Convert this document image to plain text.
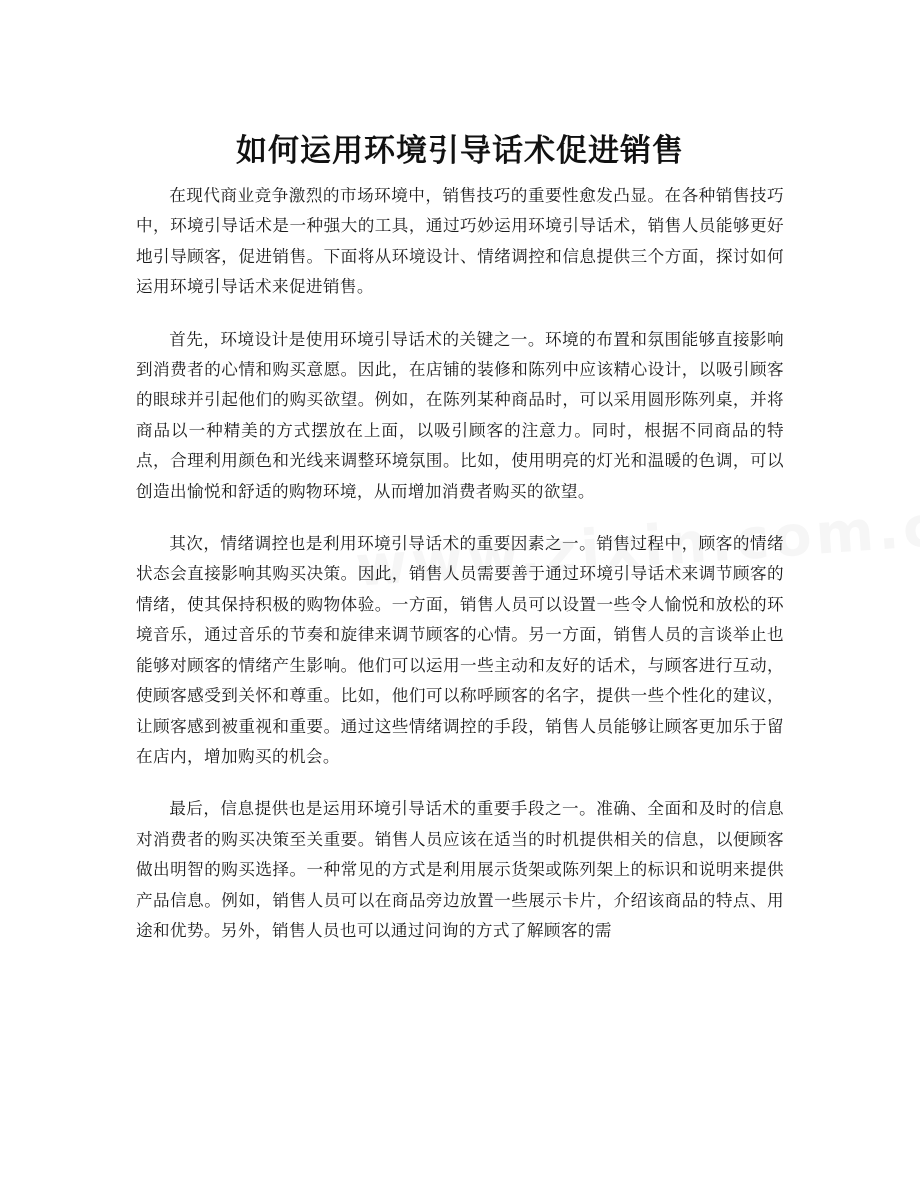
如何运用环境引导话术促进销售

在现代商业竞争激烈的市场环境中，销售技巧的重要性愈发凸显。在各种销售技巧中，环境引导话术是一种强大的工具，通过巧妙运用环境引导话术，销售人员能够更好地引导顾客，促进销售。下面将从环境设计、情绪调控和信息提供三个方面，探讨如何运用环境引导话术来促进销售。

首先，环境设计是使用环境引导话术的关键之一。环境的布置和氛围能够直接影响到消费者的心情和购买意愿。因此，在店铺的装修和陈列中应该精心设计，以吸引顾客的眼球并引起他们的购买欲望。例如，在陈列某种商品时，可以采用圆形陈列桌，并将商品以一种精美的方式摆放在上面，以吸引顾客的注意力。同时，根据不同商品的特点，合理利用颜色和光线来调整环境氛围。比如，使用明亮的灯光和温暖的色调，可以创造出愉悦和舒适的购物环境，从而增加消费者购买的欲望。

其次，情绪调控也是利用环境引导话术的重要因素之一。销售过程中，顾客的情绪状态会直接影响其购买决策。因此，销售人员需要善于通过环境引导话术来调节顾客的情绪，使其保持积极的购物体验。一方面，销售人员可以设置一些令人愉悦和放松的环境音乐，通过音乐的节奏和旋律来调节顾客的心情。另一方面，销售人员的言谈举止也能够对顾客的情绪产生影响。他们可以运用一些主动和友好的话术，与顾客进行互动，使顾客感受到关怀和尊重。比如，他们可以称呼顾客的名字，提供一些个性化的建议，让顾客感到被重视和重要。通过这些情绪调控的手段，销售人员能够让顾客更加乐于留在店内，增加购买的机会。

最后，信息提供也是运用环境引导话术的重要手段之一。准确、全面和及时的信息对消费者的购买决策至关重要。销售人员应该在适当的时机提供相关的信息，以便顾客做出明智的购买选择。一种常见的方式是利用展示货架或陈列架上的标识和说明来提供产品信息。例如，销售人员可以在商品旁边放置一些展示卡片，介绍该商品的特点、用途和优势。另外，销售人员也可以通过问询的方式了解顾客的需
